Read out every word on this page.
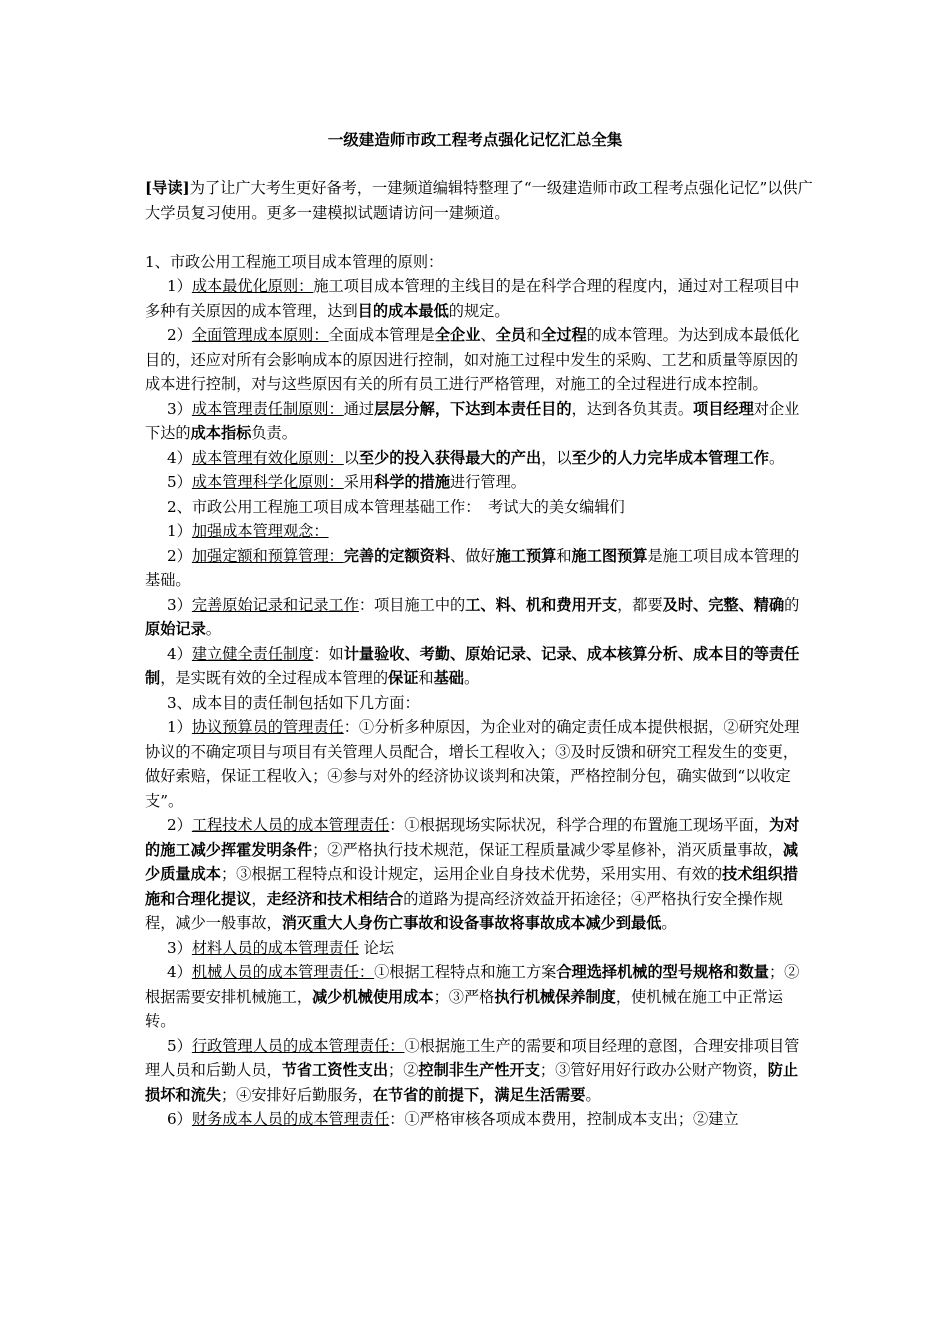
一级建造师市政工程考点强化记忆汇总全集

[导读]为了让广大考生更好备考，一建频道编辑特整理了“一级建造师市政工程考点强化记忆”以供广大学员复习使用。更多一建模拟试题请访问一建频道。

1、市政公用工程施工项目成本管理的原则：

1）成本最优化原则：施工项目成本管理的主线目的是在科学合理的程度内，通过对工程项目中多种有关原因的成本管理，达到目的成本最低的规定。

2）全面管理成本原则：全面成本管理是全企业、全员和全过程的成本管理。为达到成本最低化目的，还应对所有会影响成本的原因进行控制，如对施工过程中发生的采购、工艺和质量等原因的成本进行控制，对与这些原因有关的所有员工进行严格管理，对施工的全过程进行成本控制。

3）成本管理责任制原则：通过层层分解，下达到本责任目的，达到各负其责。项目经理对企业下达的成本指标负责。

4）成本管理有效化原则：以至少的投入获得最大的产出，以至少的人力完毕成本管理工作。

5）成本管理科学化原则：采用科学的措施进行管理。

2、市政公用工程施工项目成本管理基础工作：　考试大的美女编辑们

1）加强成本管理观念：

2）加强定额和预算管理：完善的定额资料、做好施工预算和施工图预算是施工项目成本管理的基础。

3）完善原始记录和记录工作：项目施工中的工、料、机和费用开支，都要及时、完整、精确的原始记录。

4）建立健全责任制度：如计量验收、考勤、原始记录、记录、成本核算分析、成本目的等责任制，是实既有效的全过程成本管理的保证和基础。

3、成本目的责任制包括如下几方面：

1）协议预算员的管理责任：①分析多种原因，为企业对的确定责任成本提供根据，②研究处理协议的不确定项目与项目有关管理人员配合，增长工程收入；③及时反馈和研究工程发生的变更，做好索赔，保证工程收入；④参与对外的经济协议谈判和决策，严格控制分包，确实做到“以收定支”。

2）工程技术人员的成本管理责任：①根据现场实际状况，科学合理的布置施工现场平面，为对的施工减少挥霍发明条件；②严格执行技术规范，保证工程质量减少零星修补，消灭质量事故，减少质量成本；③根据工程特点和设计规定，运用企业自身技术优势，采用实用、有效的技术组织措施和合理化提议，走经济和技术相结合的道路为提高经济效益开拓途径；④严格执行安全操作规程，减少一般事故，消灭重大人身伤亡事故和设备事故将事故成本减少到最低。

3）材料人员的成本管理责任 论坛

4）机械人员的成本管理责任：①根据工程特点和施工方案合理选择机械的型号规格和数量；②根据需要安排机械施工，减少机械使用成本；③严格执行机械保养制度，使机械在施工中正常运转。

5）行政管理人员的成本管理责任：①根据施工生产的需要和项目经理的意图，合理安排项目管理人员和后勤人员，节省工资性支出；②控制非生产性开支；③管好用好行政办公财产物资，防止损坏和流失；④安排好后勤服务，在节省的前提下，满足生活需要。

6）财务成本人员的成本管理责任：①严格审核各项成本费用，控制成本支出；②建立
